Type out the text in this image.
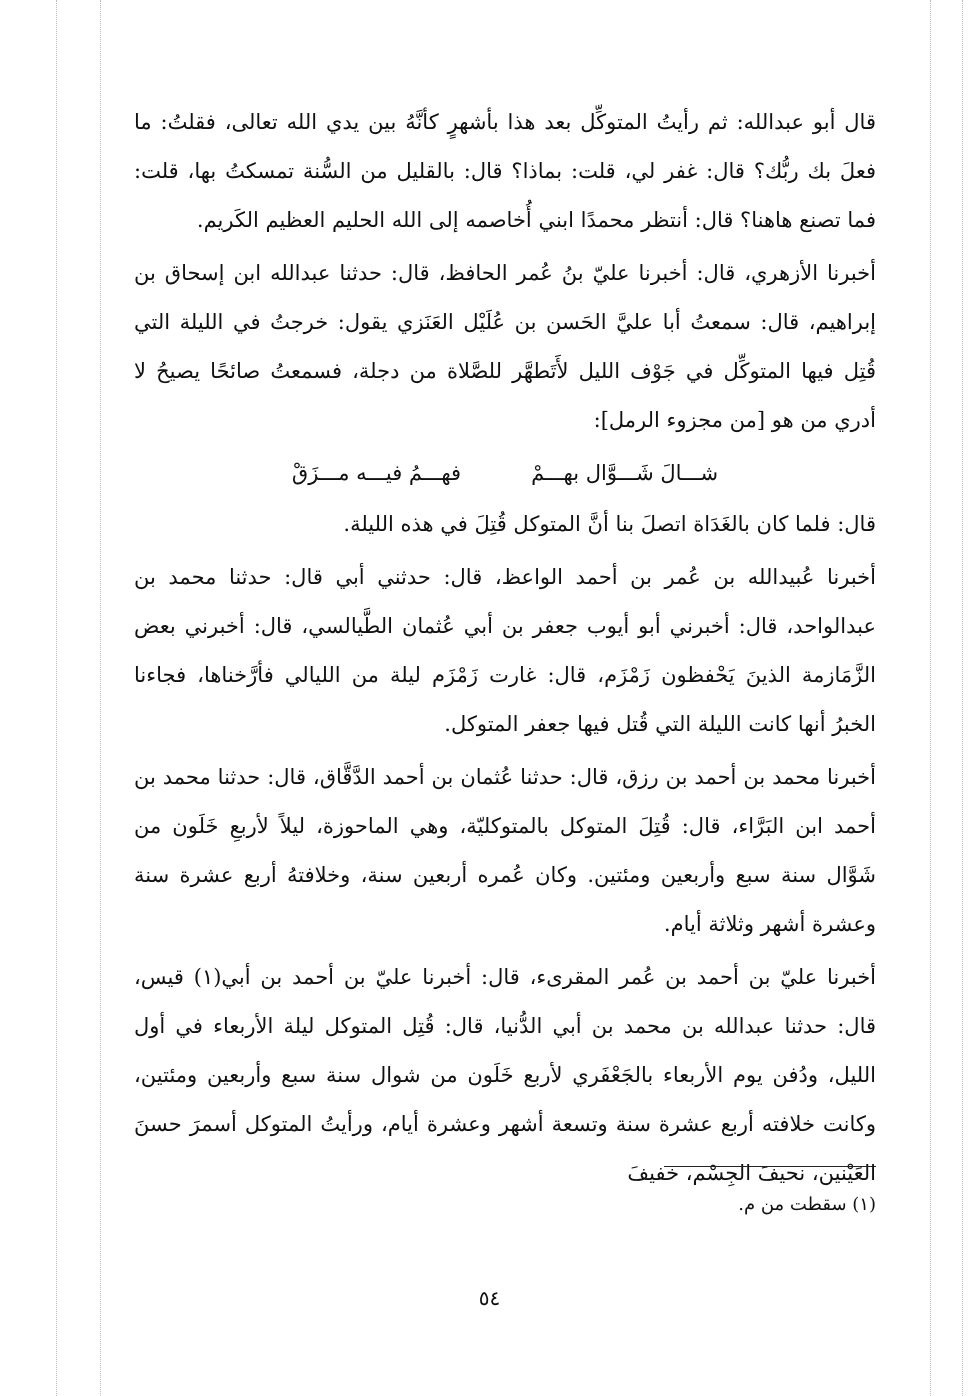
قال أبو عبدالله: ثم رأيتُ المتوكِّل بعد هذا بأشهرٍ كأنَّهُ بين يدي الله تعالى، فقلتُ: ما فعلَ بك ربُّك؟ قال: غفر لي، قلت: بماذا؟ قال: بالقليل من السُّنة تمسكتُ بها، قلت: فما تصنع هاهنا؟ قال: أنتظر محمدًا ابني أُخاصمه إلى الله الحليم العظيم الكَريم.

أخبرنا الأزهري، قال: أخبرنا عليّ بنُ عُمر الحافظ، قال: حدثنا عبدالله ابن إسحاق بن إبراهيم، قال: سمعتُ أبا عليَّ الحَسن بن عُلَيْل العَنَزي يقول: خرجتُ في الليلة التي قُتِل فيها المتوكِّل في جَوْف الليل لأَتَطهَّر للصَّلاة من دجلة، فسمعتُ صائحًا يصيحُ لا أدري من هو [من مجزوء الرمل]:

شـــالَ شَـــوَّال بهـــمْ
فهـــمُ فيـــه مـــزَقْ

قال: فلما كان بالغَدَاة اتصلَ بنا أنَّ المتوكل قُتِلَ في هذه الليلة.

أخبرنا عُبيدالله بن عُمر بن أحمد الواعظ، قال: حدثني أبي قال: حدثنا محمد بن عبدالواحد، قال: أخبرني أبو أيوب جعفر بن أبي عُثمان الطَّيالسي، قال: أخبرني بعض الزَّمَازمة الذينَ يَحْفظون زَمْزَم، قال: غارت زَمْزَم ليلة من الليالي فأرَّخناها، فجاءنا الخبرُ أنها كانت الليلة التي قُتل فيها جعفر المتوكل.

أخبرنا محمد بن أحمد بن رزق، قال: حدثنا عُثمان بن أحمد الدَّقَّاق، قال: حدثنا محمد بن أحمد ابن البَرَّاء، قال: قُتِلَ المتوكل بالمتوكليّة، وهي الماحوزة، ليلاً لأربعِ خَلَون من شَوَّال سنة سبع وأربعين ومئتين. وكان عُمره أربعين سنة، وخلافتهُ أربع عشرة سنة وعشرة أشهر وثلاثة أيام.

أخبرنا عليّ بن أحمد بن عُمر المقرىء، قال: أخبرنا عليّ بن أحمد بن أبي(١) قيس، قال: حدثنا عبدالله بن محمد بن أبي الدُّنيا، قال: قُتِل المتوكل ليلة الأربعاء في أول الليل، ودُفن يوم الأربعاء بالجَعْفَري لأربع خَلَون من شوال سنة سبع وأربعين ومئتين، وكانت خلافته أربع عشرة سنة وتسعة أشهر وعشرة أيام، ورأيتُ المتوكل أسمرَ حسنَ العَيْنين، نحيفَ الجِسْم، خفيفَ

(١) سقطت من م.
٥٤
